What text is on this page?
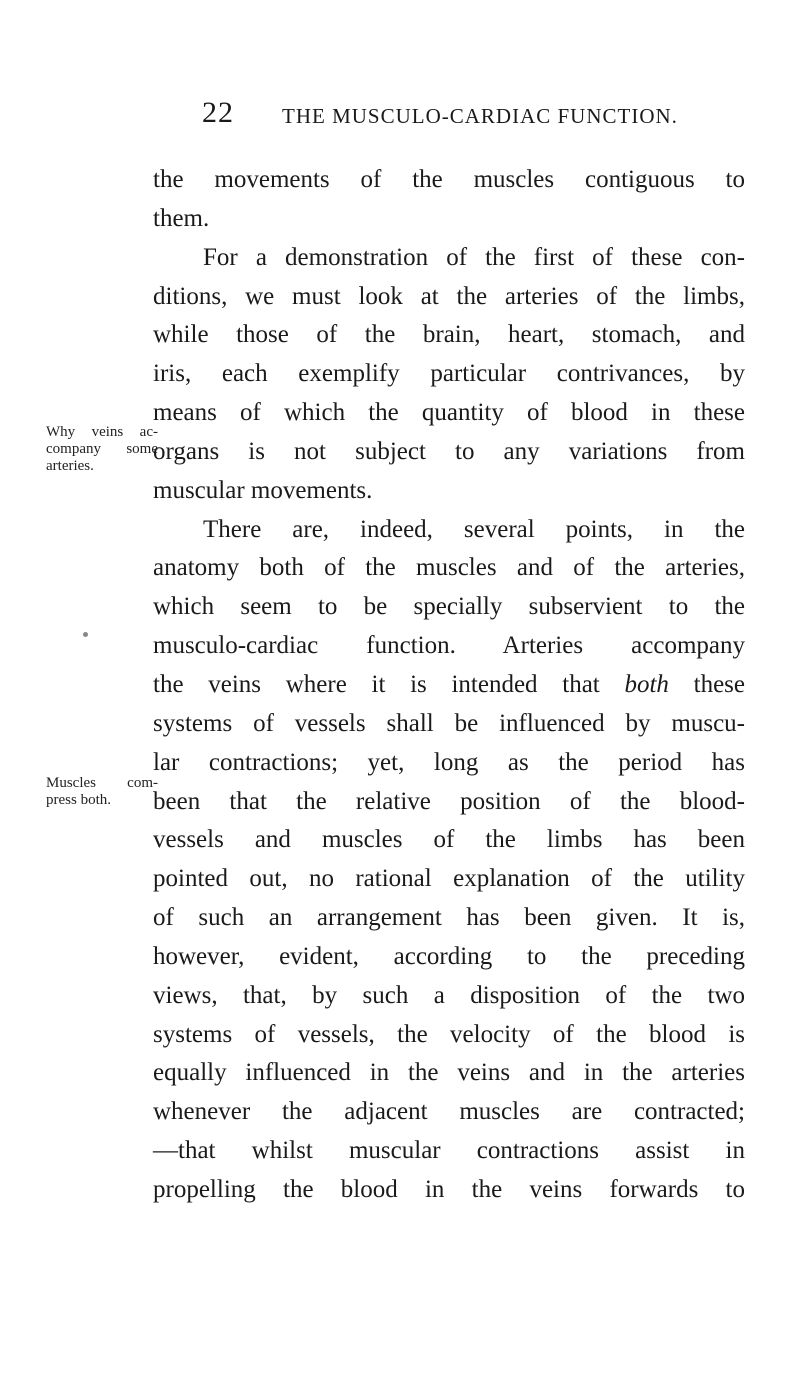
22 THE MUSCULO-CARDIAC FUNCTION.
Why veins ac-
company some
arteries.
Muscles com-
press both.
the movements of the muscles contiguous to
them.
For a demonstration of the first of these con-
ditions, we must look at the arteries of the limbs,
while those of the brain, heart, stomach, and
iris, each exemplify particular contrivances, by
means of which the quantity of blood in these
organs is not subject to any variations from
muscular movements.
There are, indeed, several points, in the
anatomy both of the muscles and of the arteries,
which seem to be specially subservient to the
musculo-cardiac function. Arteries accompany
the veins where it is intended that both these
systems of vessels shall be influenced by muscu-
lar contractions; yet, long as the period has
been that the relative position of the blood-
vessels and muscles of the limbs has been
pointed out, no rational explanation of the utility
of such an arrangement has been given. It is,
however, evident, according to the preceding
views, that, by such a disposition of the two
systems of vessels, the velocity of the blood is
equally influenced in the veins and in the arteries
whenever the adjacent muscles are contracted;
—that whilst muscular contractions assist in
propelling the blood in the veins forwards to
